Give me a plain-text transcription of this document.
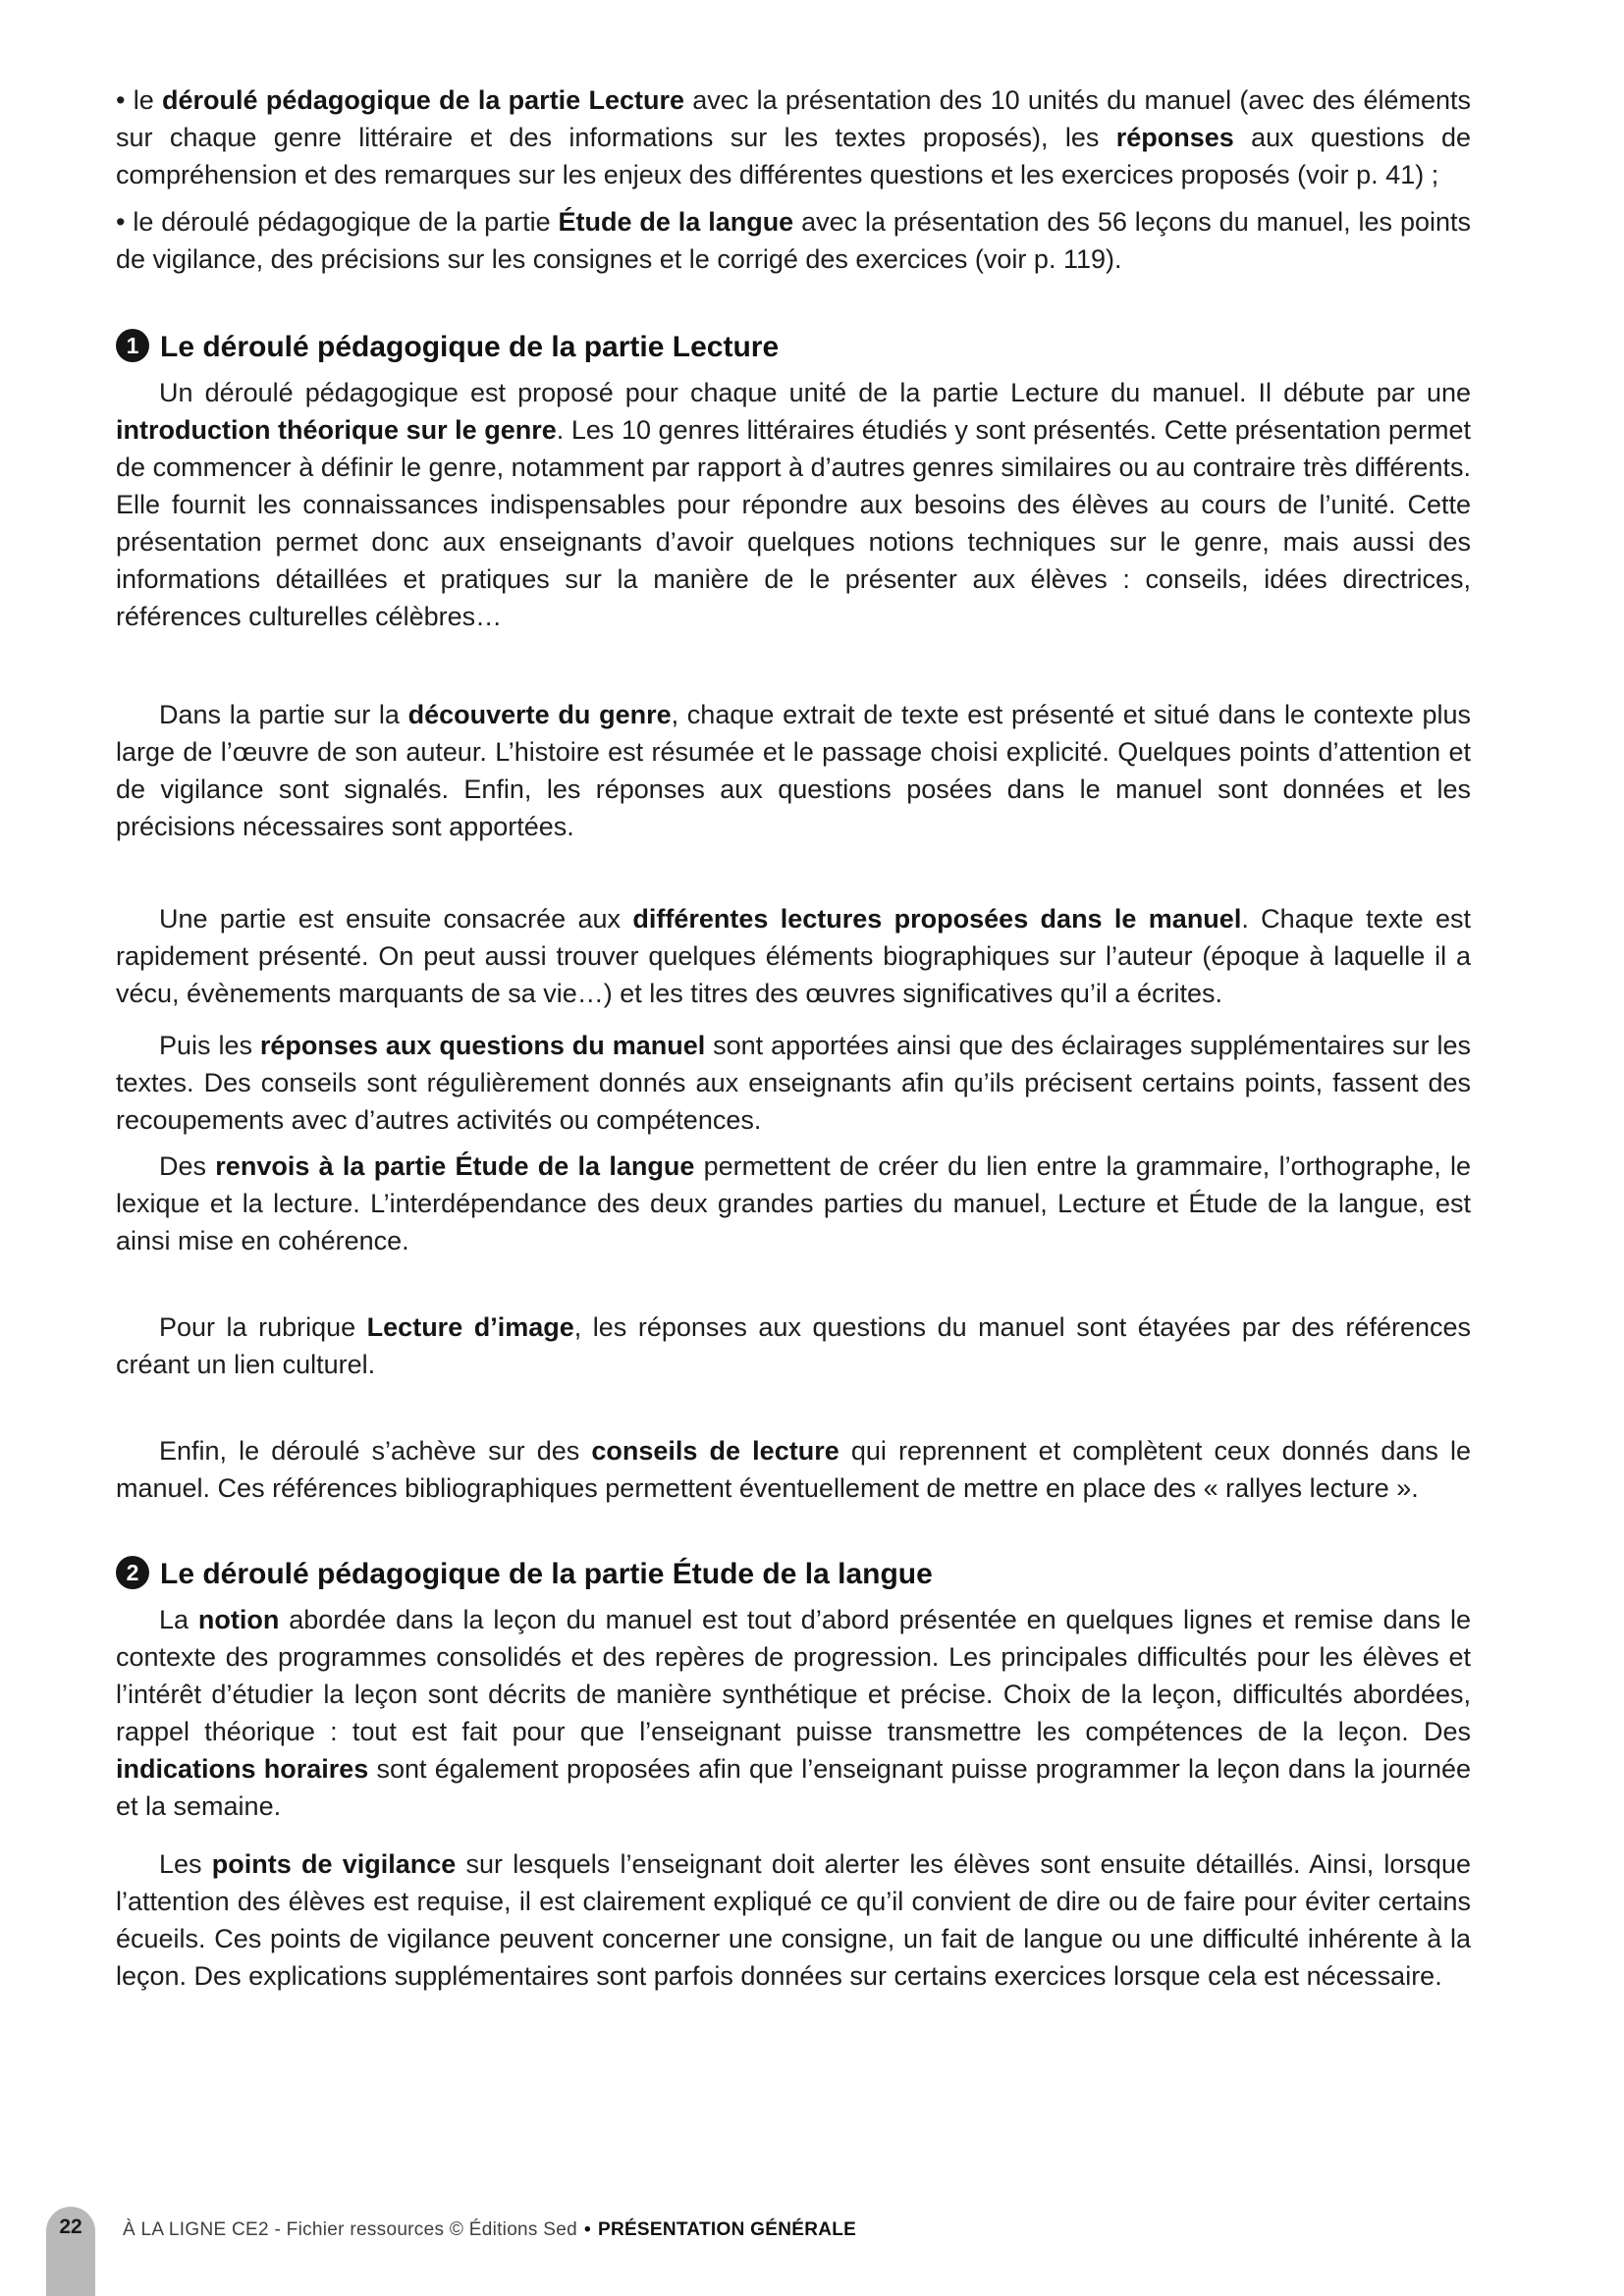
• le déroulé pédagogique de la partie Lecture avec la présentation des 10 unités du manuel (avec des éléments sur chaque genre littéraire et des informations sur les textes proposés), les réponses aux questions de compréhension et des remarques sur les enjeux des différentes questions et les exercices proposés (voir p. 41) ;

• le déroulé pédagogique de la partie Étude de la langue avec la présentation des 56 leçons du manuel, les points de vigilance, des précisions sur les consignes et le corrigé des exercices (voir p. 119).

1 Le déroulé pédagogique de la partie Lecture

Un déroulé pédagogique est proposé pour chaque unité de la partie Lecture du manuel. Il débute par une introduction théorique sur le genre. Les 10 genres littéraires étudiés y sont présentés. Cette présentation permet de commencer à définir le genre, notamment par rapport à d’autres genres similaires ou au contraire très différents. Elle fournit les connaissances indispensables pour répondre aux besoins des élèves au cours de l’unité. Cette présentation permet donc aux enseignants d’avoir quelques notions techniques sur le genre, mais aussi des informations détaillées et pratiques sur la manière de le présenter aux élèves : conseils, idées directrices, références culturelles célèbres…

Dans la partie sur la découverte du genre, chaque extrait de texte est présenté et situé dans le contexte plus large de l’œuvre de son auteur. L’histoire est résumée et le passage choisi explicité. Quelques points d’attention et de vigilance sont signalés. Enfin, les réponses aux questions posées dans le manuel sont données et les précisions nécessaires sont apportées.

Une partie est ensuite consacrée aux différentes lectures proposées dans le manuel. Chaque texte est rapidement présenté. On peut aussi trouver quelques éléments biographiques sur l’auteur (époque à laquelle il a vécu, évènements marquants de sa vie…) et les titres des œuvres significatives qu’il a écrites.

Puis les réponses aux questions du manuel sont apportées ainsi que des éclairages supplémentaires sur les textes. Des conseils sont régulièrement donnés aux enseignants afin qu’ils précisent certains points, fassent des recoupements avec d’autres activités ou compétences.

Des renvois à la partie Étude de la langue permettent de créer du lien entre la grammaire, l’orthographe, le lexique et la lecture. L’interdépendance des deux grandes parties du manuel, Lecture et Étude de la langue, est ainsi mise en cohérence.

Pour la rubrique Lecture d’image, les réponses aux questions du manuel sont étayées par des références créant un lien culturel.

Enfin, le déroulé s’achève sur des conseils de lecture qui reprennent et complètent ceux donnés dans le manuel. Ces références bibliographiques permettent éventuellement de mettre en place des « rallyes lecture ».

2 Le déroulé pédagogique de la partie Étude de la langue

La notion abordée dans la leçon du manuel est tout d’abord présentée en quelques lignes et remise dans le contexte des programmes consolidés et des repères de progression. Les principales difficultés pour les élèves et l’intérêt d’étudier la leçon sont décrits de manière synthétique et précise. Choix de la leçon, difficultés abordées, rappel théorique : tout est fait pour que l’enseignant puisse transmettre les compétences de la leçon. Des indications horaires sont également proposées afin que l’enseignant puisse programmer la leçon dans la journée et la semaine.

Les points de vigilance sur lesquels l’enseignant doit alerter les élèves sont ensuite détaillés. Ainsi, lorsque l’attention des élèves est requise, il est clairement expliqué ce qu’il convient de dire ou de faire pour éviter certains écueils. Ces points de vigilance peuvent concerner une consigne, un fait de langue ou une difficulté inhérente à la leçon. Des explications supplémentaires sont parfois données sur certains exercices lorsque cela est nécessaire.

22	À LA LIGNE CE2 - Fichier ressources © Éditions Sed • PRÉSENTATION GÉNÉRALE
